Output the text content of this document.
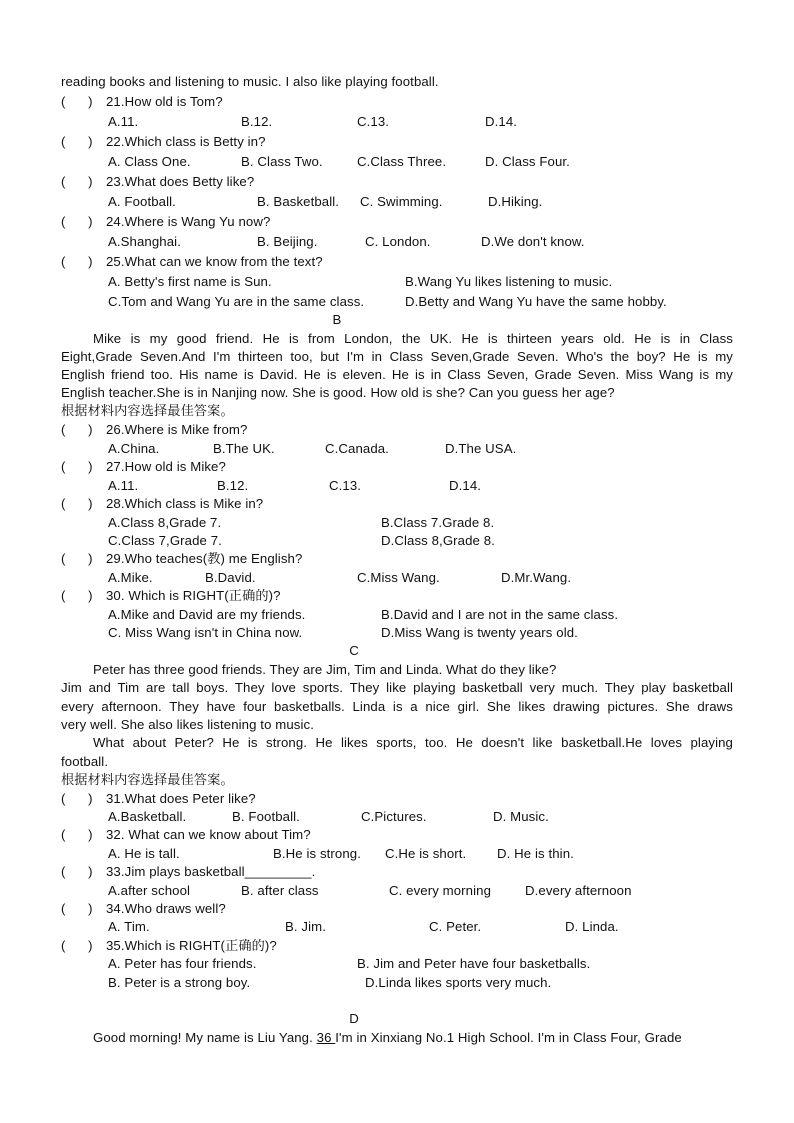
reading books and listening to music. I also like playing football.
(      ) 21.How old is Tom?
A.11.	B.12.	C.13.	D.14.
(      ) 22.Which class is Betty in?
A. Class One.	B. Class Two.	C.Class Three.	D. Class Four.
(      ) 23.What does Betty like?
A. Football.	B. Basketball. C. Swimming.	D.Hiking.
(      ) 24.Where is Wang Yu now?
A.Shanghai.	B. Beijing.	C. London.	D.We don't know.
(      ) 25.What can we know from the text?
A. Betty's first name is Sun.	B.Wang Yu likes listening to music.
C.Tom and Wang Yu are in the same class.	D.Betty and Wang Yu have the same hobby.
B
Mike is my good friend. He is from London, the UK. He is thirteen years old. He is in Class
Eight,Grade Seven.And I'm thirteen too, but I'm in Class Seven,Grade Seven. Who's the boy? He is my
English friend too. His name is David. He is eleven. He is in Class Seven, Grade Seven. Miss Wang is my
English teacher.She is in Nanjing now. She is good. How old is she? Can you guess her age?
根据材料内容选择最佳答案。
(      ) 26.Where is Mike from?
A.China.	B.The UK.	C.Canada.	D.The USA.
(      ) 27.How old is Mike?
A.11.	B.12.	C.13.	D.14.
(      ) 28.Which class is Mike in?
A.Class 8,Grade 7.	B.Class 7.Grade 8.
C.Class 7,Grade 7.	D.Class 8,Grade 8.
(      ) 29.Who teaches(教) me English?
A.Mike.	B.David.	C.Miss Wang.	D.Mr.Wang.
(      ) 30. Which is RIGHT(正确的)?
A.Mike and David are my friends.	B.David and I are not in the same class.
C. Miss Wang isn't in China now.	D.Miss Wang is twenty years old.
C
Peter has three good friends. They are Jim, Tim and Linda. What do they like?
Jim and Tim are tall boys. They love sports. They like playing basketball very much. They play basketball
every afternoon. They have four basketballs. Linda is a nice girl. She likes drawing pictures. She draws
very well. She also likes listening to music.
What about Peter? He is strong. He likes sports, too. He doesn't like basketball.He loves playing
football.
根据材料内容选择最佳答案。
(      ) 31.What does Peter like?
A.Basketball.	B. Football.	C.Pictures.	D. Music.
(      ) 32. What can we know about Tim?
A. He is tall.	B.He is strong. C.He is short. D. He is thin.
(      ) 33.Jim plays basketball_________.
A.after school	B. after class	C. every morning	D.every afternoon
(      ) 34.Who draws well?
A. Tim.	B. Jim.	C. Peter.	D. Linda.
(      ) 35.Which is RIGHT(正确的)?
A. Peter has four friends.	B. Jim and Peter have four basketballs.
B. Peter is a strong boy.	D.Linda likes sports very much.
D
Good morning! My name is Liu Yang. 36 I'm in Xinxiang No.1 High School. I'm in Class Four, Grade
